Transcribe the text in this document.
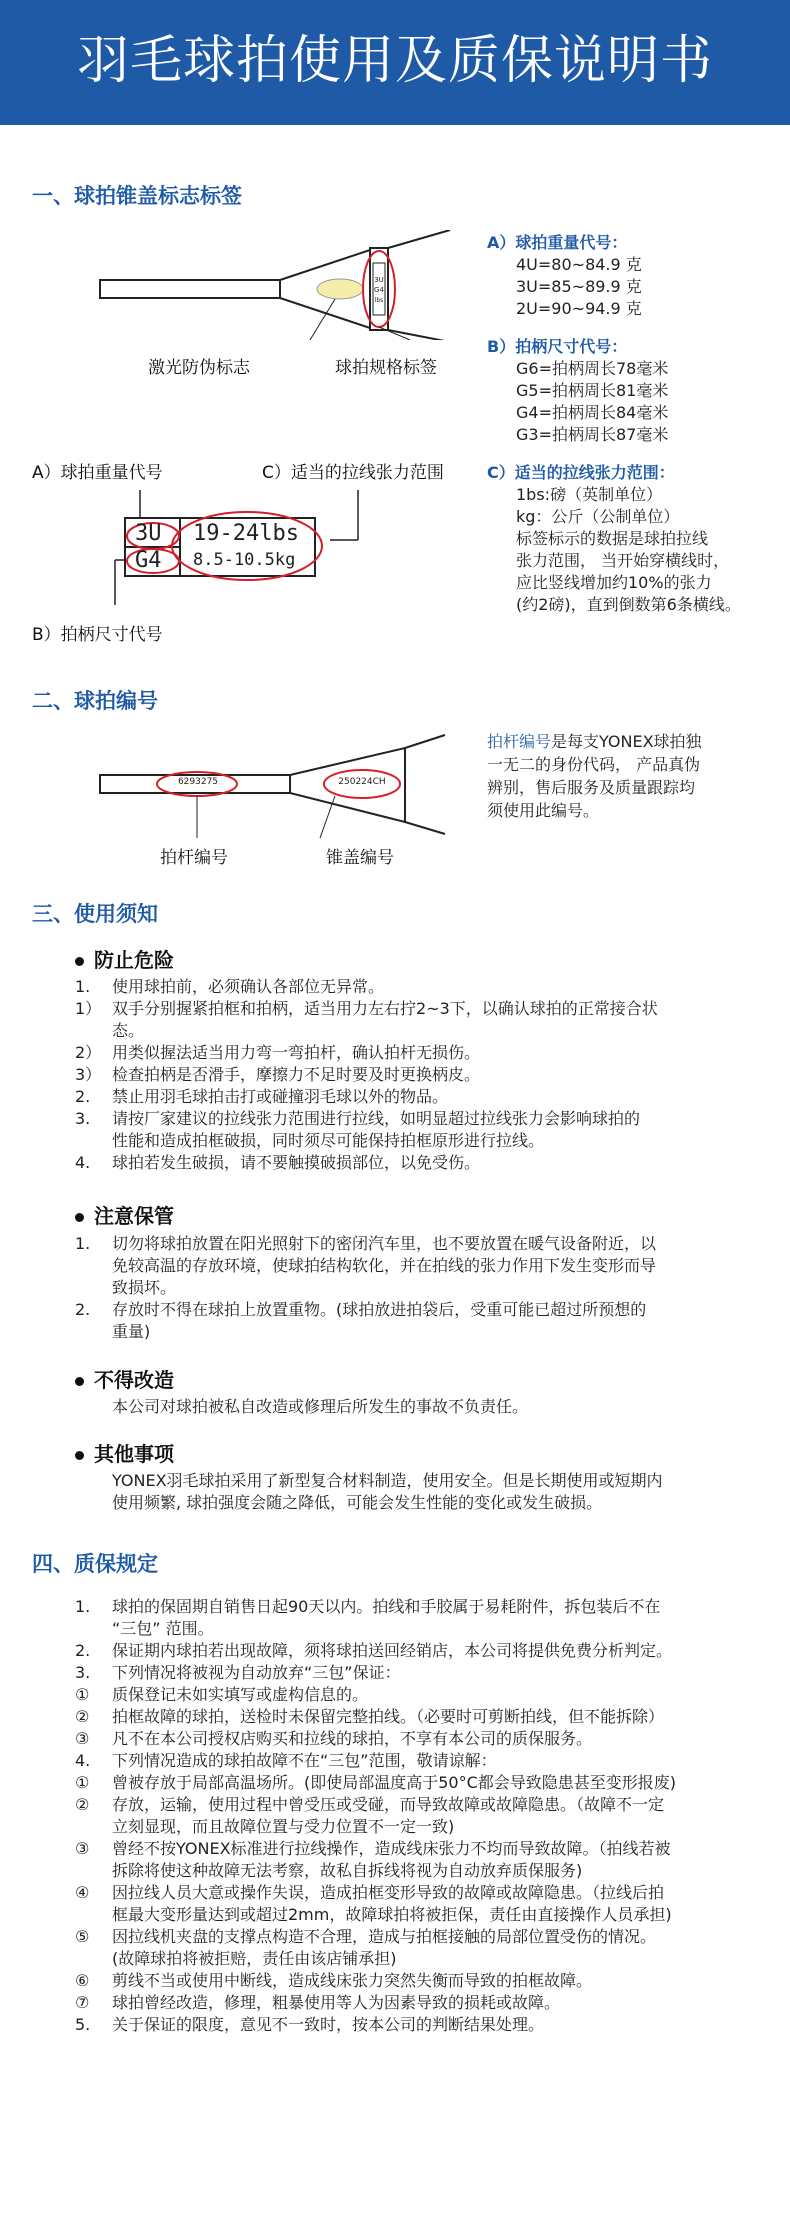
羽毛球拍使用及质保说明书
一、球拍锥盖标志标签
3U
G4
lbs
激光防伪标志	球拍规格标签
A）球拍重量代号	C）适当的拉线张力范围
3U
G4
19-24lbs
8.5-10.5kg
B）拍柄尺寸代号
A）球拍重量代号：
4U=80~84.9 克
3U=85~89.9 克
2U=90~94.9 克
B）拍柄尺寸代号：
G6=拍柄周长78毫米
G5=拍柄周长81毫米
G4=拍柄周长84毫米
G3=拍柄周长87毫米
C）适当的拉线张力范围：
1bs:磅（英制单位）
kg：公斤（公制单位）
标签标示的数据是球拍拉线
张力范围， 当开始穿横线时，
应比竖线增加约10%的张力
(约2磅)，直到倒数第6条横线。
二、球拍编号
6293275	250224CH
拍杆编号	锥盖编号
拍杆编号是每支YONEX球拍独
一无二的身份代码， 产品真伪
辨别，售后服务及质量跟踪均
须使用此编号。
三、使用须知
防止危险
1. 使用球拍前，必须确认各部位无异常。
1） 双手分别握紧拍框和拍柄，适当用力左右拧2~3下，以确认球拍的正常接合状
态。
2） 用类似握法适当用力弯一弯拍杆，确认拍杆无损伤。
3） 检查拍柄是否滑手，摩擦力不足时要及时更换柄皮。
2. 禁止用羽毛球拍击打或碰撞羽毛球以外的物品。
3. 请按厂家建议的拉线张力范围进行拉线，如明显超过拉线张力会影响球拍的
性能和造成拍框破损，同时须尽可能保持拍框原形进行拉线。
4. 球拍若发生破损，请不要触摸破损部位，以免受伤。
注意保管
1. 切勿将球拍放置在阳光照射下的密闭汽车里，也不要放置在暖气设备附近，以
免较高温的存放环境，使球拍结构软化，并在拍线的张力作用下发生变形而导
致损坏。
2. 存放时不得在球拍上放置重物。(球拍放进拍袋后，受重可能已超过所预想的
重量)
不得改造
本公司对球拍被私自改造或修理后所发生的事故不负责任。
其他事项
YONEX羽毛球拍采用了新型复合材料制造，使用安全。但是长期使用或短期内
使用频繁, 球拍强度会随之降低，可能会发生性能的变化或发生破损。
四、质保规定
1. 球拍的保固期自销售日起90天以内。拍线和手胶属于易耗附件，拆包装后不在
“三包” 范围。
2. 保证期内球拍若出现故障，须将球拍送回经销店，本公司将提供免费分析判定。
3. 下列情况将被视为自动放弃“三包”保证：
① 质保登记未如实填写或虚构信息的。
② 拍框故障的球拍，送检时未保留完整拍线。（必要时可剪断拍线，但不能拆除）
③ 凡不在本公司授权店购买和拉线的球拍，不享有本公司的质保服务。
4. 下列情况造成的球拍故障不在“三包”范围，敬请谅解：
① 曾被存放于局部高温场所。(即使局部温度高于50°C都会导致隐患甚至变形报废)
② 存放，运输，使用过程中曾受压或受碰，而导致故障或故障隐患。（故障不一定
立刻显现，而且故障位置与受力位置不一定一致)
③ 曾经不按YONEX标准进行拉线操作，造成线床张力不均而导致故障。（拍线若被
拆除将使这种故障无法考察，故私自拆线将视为自动放弃质保服务)
④ 因拉线人员大意或操作失误，造成拍框变形导致的故障或故障隐患。（拉线后拍
框最大变形量达到或超过2mm，故障球拍将被拒保，责任由直接操作人员承担)
⑤ 因拉线机夹盘的支撑点构造不合理，造成与拍框接触的局部位置受伤的情况。
(故障球拍将被拒赔，责任由该店铺承担)
⑥ 剪线不当或使用中断线，造成线床张力突然失衡而导致的拍框故障。
⑦ 球拍曾经改造，修理，粗暴使用等人为因素导致的损耗或故障。
5. 关于保证的限度，意见不一致时，按本公司的判断结果处理。
